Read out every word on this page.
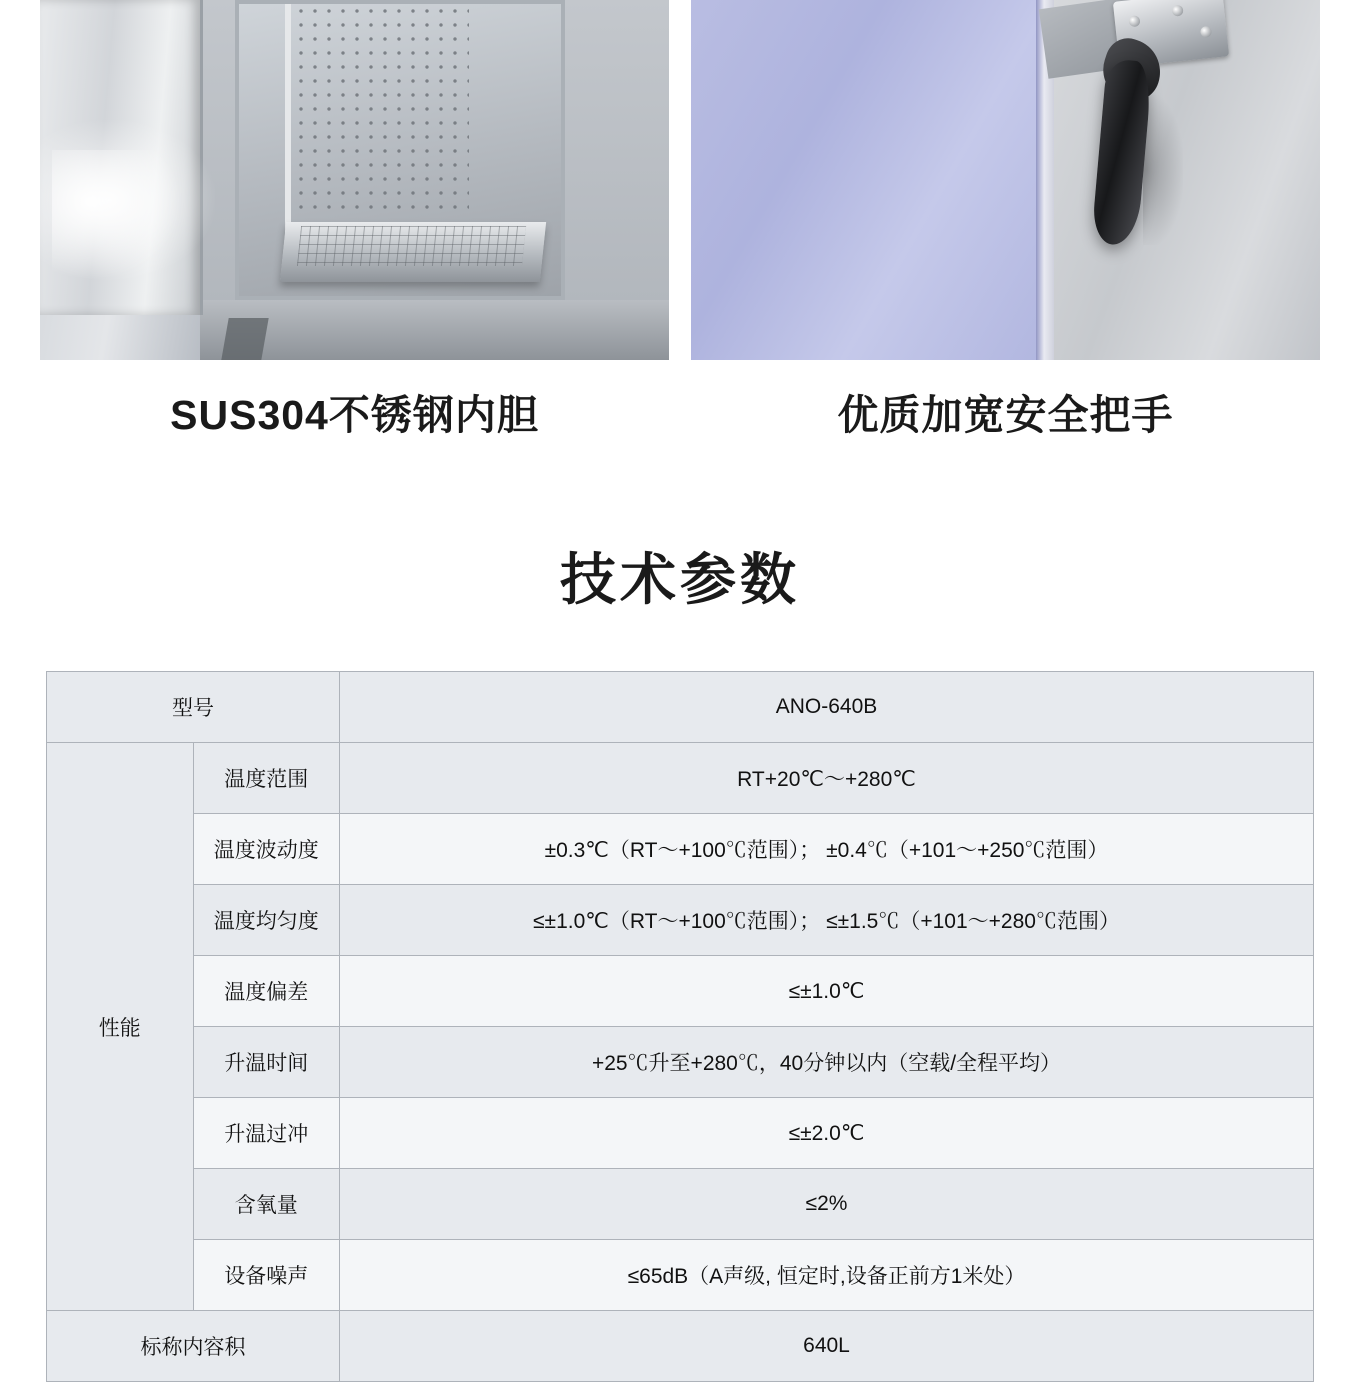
SUS304不锈钢内胆	优质加宽安全把手
技术参数
型号		ANO-640B
性能	温度范围	RT+20℃～+280℃
	温度波动度	±0.3℃（RT～+100℃范围）； ±0.4℃（+101～+250℃范围）
	温度均匀度	≤±1.0℃（RT～+100℃范围）； ≤±1.5℃（+101～+280℃范围）
	温度偏差	≤±1.0℃
	升温时间	+25℃升至+280℃，40分钟以内（空载/全程平均）
	升温过冲	≤±2.0℃
	含氧量	≤2%
	设备噪声	≤65dB（A声级, 恒定时,设备正前方1米处）
标称内容积		640L
